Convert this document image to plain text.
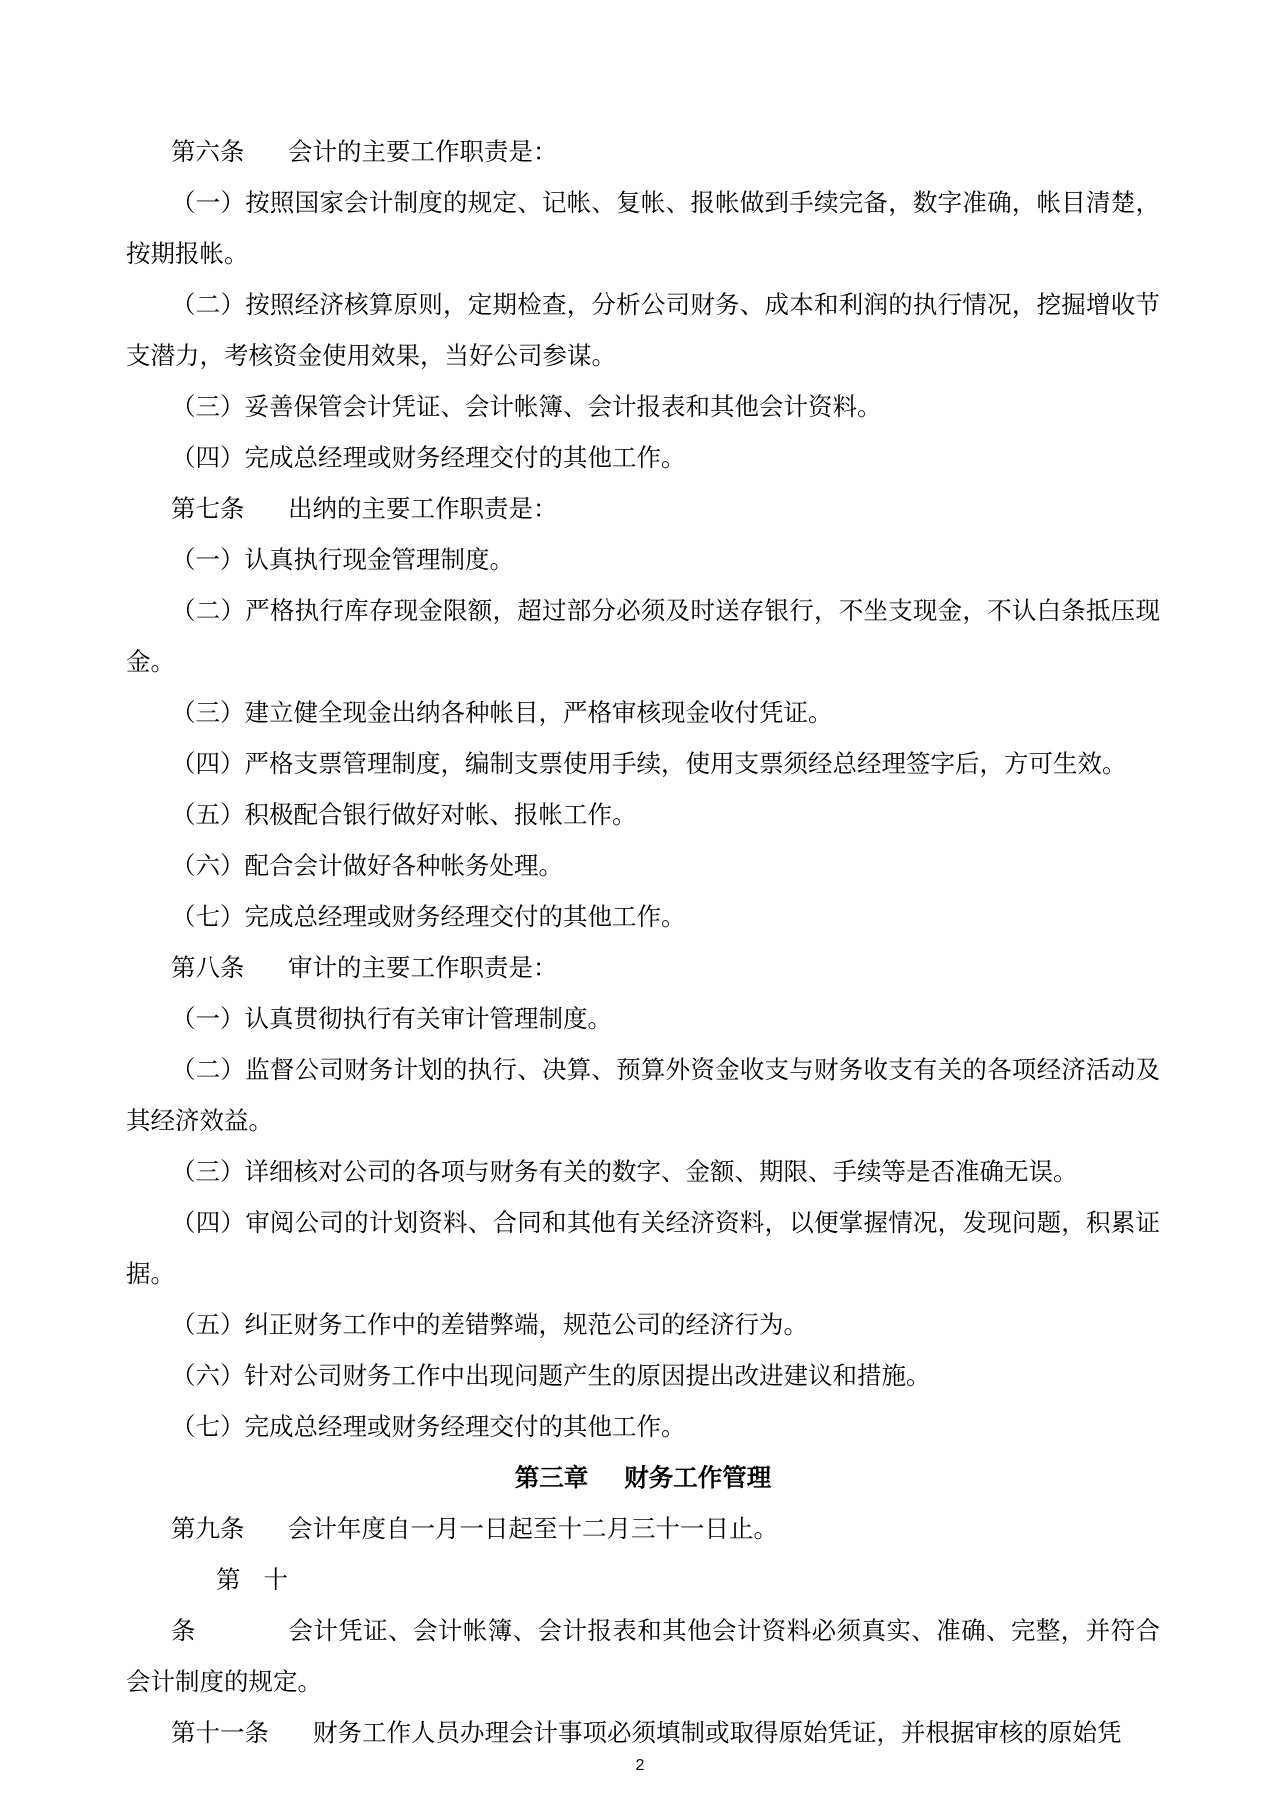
第六条 会计的主要工作职责是：

（一）按照国家会计制度的规定、记帐、复帐、报帐做到手续完备，数字准确，帐目清楚，按期报帐。

（二）按照经济核算原则，定期检查，分析公司财务、成本和利润的执行情况，挖掘增收节支潜力，考核资金使用效果，当好公司参谋。

（三）妥善保管会计凭证、会计帐簿、会计报表和其他会计资料。

（四）完成总经理或财务经理交付的其他工作。

第七条 出纳的主要工作职责是：

（一）认真执行现金管理制度。

（二）严格执行库存现金限额，超过部分必须及时送存银行，不坐支现金，不认白条抵压现金。

（三）建立健全现金出纳各种帐目，严格审核现金收付凭证。

（四）严格支票管理制度，编制支票使用手续，使用支票须经总经理签字后，方可生效。

（五）积极配合银行做好对帐、报帐工作。

（六）配合会计做好各种帐务处理。

（七）完成总经理或财务经理交付的其他工作。

第八条 审计的主要工作职责是：

（一）认真贯彻执行有关审计管理制度。

（二）监督公司财务计划的执行、决算、预算外资金收支与财务收支有关的各项经济活动及其经济效益。

（三）详细核对公司的各项与财务有关的数字、金额、期限、手续等是否准确无误。

（四）审阅公司的计划资料、合同和其他有关经济资料，以便掌握情况，发现问题，积累证据。

（五）纠正财务工作中的差错弊端，规范公司的经济行为。

（六）针对公司财务工作中出现问题产生的原因提出改进建议和措施。

（七）完成总经理或财务经理交付的其他工作。

第三章 财务工作管理

第九条 会计年度自一月一日起至十二月三十一日止。

第十条	会计凭证、会计帐簿、会计报表和其他会计资料必须真实、准确、完整，并符合会计制度的规定。

第十一条 财务工作人员办理会计事项必须填制或取得原始凭证，并根据审核的原始凭

2
